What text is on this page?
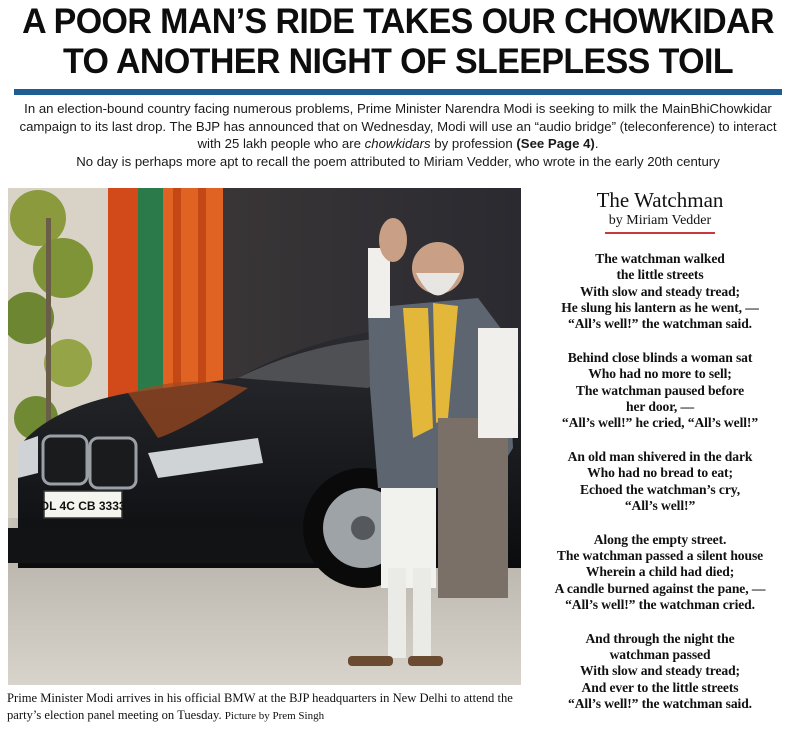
A POOR MAN’S RIDE TAKES OUR CHOWKIDAR
TO ANOTHER NIGHT OF SLEEPLESS TOIL
In an election-bound country facing numerous problems, Prime Minister Narendra Modi is seeking to milk the MainBhiChowkidar campaign to its last drop. The BJP has announced that on Wednesday, Modi will use an “audio bridge” (teleconference) to interact with 25 lakh people who are chowkidars by profession (See Page 4).
No day is perhaps more apt to recall the poem attributed to Miriam Vedder, who wrote in the early 20th century
DL 4C CB 3333
Prime Minister Modi arrives in his official BMW at the BJP headquarters in New Delhi to attend the party’s election panel meeting on Tuesday. Picture by Prem Singh
The Watchman
by Miriam Vedder
The watchman walked
the little streets
With slow and steady tread;
He slung his lantern as he went, —
“All’s well!” the watchman said.
Behind close blinds a woman sat
Who had no more to sell;
The watchman paused before
her door, —
“All’s well!” he cried, “All’s well!”
An old man shivered in the dark
Who had no bread to eat;
Echoed the watchman’s cry,
“All’s well!”
Along the empty street.
The watchman passed a silent house
Wherein a child had died;
A candle burned against the pane, —
“All’s well!” the watchman cried.
And through the night the
watchman passed
With slow and steady tread;
And ever to the little streets
“All’s well!” the watchman said.
